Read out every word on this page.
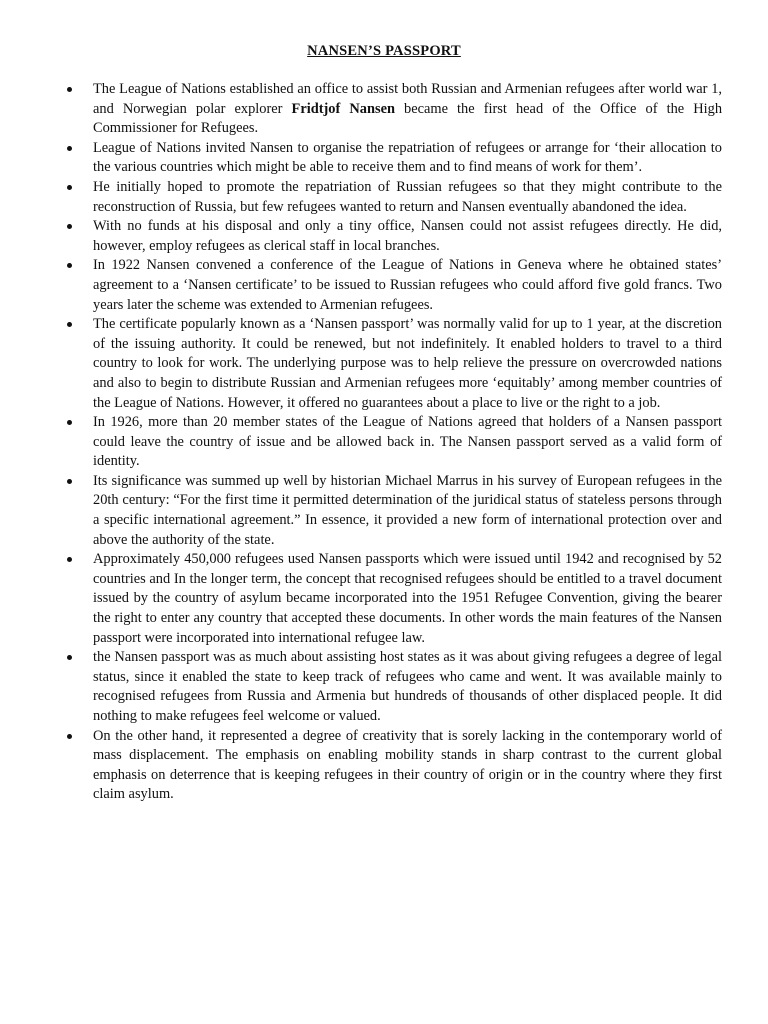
NANSEN’S PASSPORT
The League of Nations established an office to assist both Russian and Armenian refugees after world war 1, and Norwegian polar explorer Fridtjof Nansen became the first head of the Office of the High Commissioner for Refugees.
League of Nations invited Nansen to organise the repatriation of refugees or arrange for ‘their allocation to the various countries which might be able to receive them and to find means of work for them’.
He initially hoped to promote the repatriation of Russian refugees so that they might contribute to the reconstruction of Russia, but few refugees wanted to return and Nansen eventually abandoned the idea.
With no funds at his disposal and only a tiny office, Nansen could not assist refugees directly. He did, however, employ refugees as clerical staff in local branches.
In 1922 Nansen convened a conference of the League of Nations in Geneva where he obtained states’ agreement to a ‘Nansen certificate’ to be issued to Russian refugees who could afford five gold francs. Two years later the scheme was extended to Armenian refugees.
The certificate popularly known as a ‘Nansen passport’ was normally valid for up to 1 year, at the discretion of the issuing authority. It could be renewed, but not indefinitely. It enabled holders to travel to a third country to look for work. The underlying purpose was to help relieve the pressure on overcrowded nations and also to begin to distribute Russian and Armenian refugees more ‘equitably’ among member countries of the League of Nations. However, it offered no guarantees about a place to live or the right to a job.
In 1926, more than 20 member states of the League of Nations agreed that holders of a Nansen passport could leave the country of issue and be allowed back in. The Nansen passport served as a valid form of identity.
Its significance was summed up well by historian Michael Marrus in his survey of European refugees in the 20th century: “For the first time it permitted determination of the juridical status of stateless persons through a specific international agreement.” In essence, it provided a new form of international protection over and above the authority of the state.
Approximately 450,000 refugees used Nansen passports which were issued until 1942 and recognised by 52 countries and In the longer term, the concept that recognised refugees should be entitled to a travel document issued by the country of asylum became incorporated into the 1951 Refugee Convention, giving the bearer the right to enter any country that accepted these documents. In other words the main features of the Nansen passport were incorporated into international refugee law.
the Nansen passport was as much about assisting host states as it was about giving refugees a degree of legal status, since it enabled the state to keep track of refugees who came and went. It was available mainly to recognised refugees from Russia and Armenia but hundreds of thousands of other displaced people. It did nothing to make refugees feel welcome or valued.
On the other hand, it represented a degree of creativity that is sorely lacking in the contemporary world of mass displacement. The emphasis on enabling mobility stands in sharp contrast to the current global emphasis on deterrence that is keeping refugees in their country of origin or in the country where they first claim asylum.
